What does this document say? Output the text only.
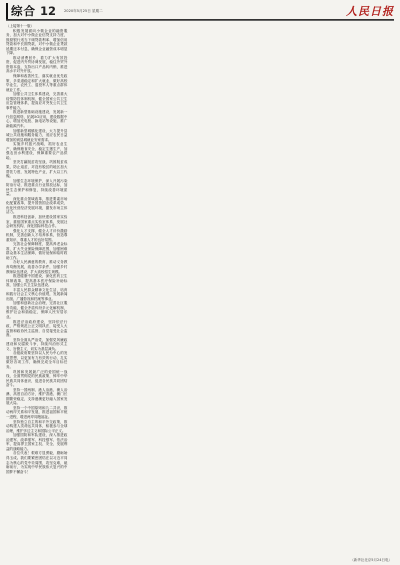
综合 12 2020年5月25日 星期二	人民日报

（上接第十一版）

积极发展面向小微企业的融资服务，加大对中小微企业信贷支持力度，鼓励银行适当下调贷款利率、增加信用贷款和中长期贷款，对中小微企业贷款延期还本付息，确保企业融资成本明显下降。

推动消费回升，着力扩大有效投资，促进内外贸协调发展，稳住外贸外资基本盘，支持出口产品转内销，推进高水平对外开放。

保障和改善民生，落实就业优先政策，多渠道稳定和扩大就业，做好高校毕业生、农民工、退役军人等重点群体就业工作。

加强公共卫生体系建设，完善重大疫情防控体制机制，健全国家公共卫生应急管理体系，提高应对突发公共卫生事件能力。

推进新型基础设施建设，发展新一代信息网络，拓展5G应用，建设数据中心，增加充电桩、换电站等设施，推广新能源汽车。

加强新型城镇化建设，大力提升县城公共设施和服务能力，适应农民日益增加的到县城就业安家需求。

实施乡村振兴战略，抓好农业生产，确保粮食安全，稳定生猪生产，加强农田水利建设，保障重要农产品供给。

坚决打赢脱贫攻坚战，巩固脱贫成果，防止返贫，对没有脱贫的地区加大帮扶力度，发展特色产业，扩大以工代赈。

加强生态环境保护，深入开展污染防治行动，推进重点行业排放达标，加快生态保护和修复，持续改善环境质量。

深化重点领域改革，推进要素市场化配置改革，提升国资国企改革成效，优化民营经济发展环境，激发市场主体活力。

推进科技创新，加快建设国家实验室，重组国家重点实验室体系，发展社会研发机构，深化国际科技合作。

强化人才支撑，健全人才评价激励机制，完善创新人才培养体系，营造尊重知识、尊重人才的良好氛围。

完善社会保障制度，提高养老金标准，扩大失业保险保障范围，加强困难群众基本生活保障，做好低保和临时救助工作。

办好人民满意的教育，推动义务教育均衡发展，改善办学条件，加强乡村教师队伍建设，扩大高校招生规模。

推进健康中国建设，深化医药卫生体制改革，提高基本医疗保险补助标准，加强公共卫生队伍建设。

丰富人民群众精神文化生活，培育和践行社会主义核心价值观，发展新闻出版、广播影视和档案等事业。

加强和创新社会治理，完善社区服务功能，健全矛盾纠纷多元化解机制，维护社会和谐稳定，保障人民安居乐业。

推进法治政府建设，坚持依法行政，严格规范公正文明执法，接受人大监督和政协民主监督，自觉接受社会监督。

坚持全面从严治党，加强党风廉政建设和反腐败斗争，持续纠治形式主义、官僚主义，切实为基层减负。

各级政府要坚持以人民为中心的发展思想，以更加有力有效的行动，扎实做好各项工作，确保完成全年目标任务。

巩固和发展最广泛的爱国统一战线，全面贯彻党的民族政策，铸牢中华民族共同体意识，促进各民族共同团结奋斗。

坚持一国两制、港人治港、澳人治澳、高度自治方针，维护香港、澳门长期繁荣稳定，支持港澳更好融入国家发展大局。

坚持一个中国原则和九二共识，推动两岸关系和平发展，推进祖国和平统一进程，增进两岸同胞福祉。

坚持独立自主的和平外交政策，推动构建人类命运共同体，积极参与全球治理，维护多边主义和国际公平正义。

加强国防和军队建设，深入推进政治建军、改革强军、科技强军、依法治军，提高捍卫国家主权、安全、发展利益的战略能力。

各位代表！艰难方显勇毅，磨砺始得玉成。我们要紧密团结在以习近平同志为核心的党中央周围，攻坚克难，砥砺前行，为实现中华民族伟大复兴的中国梦不懈奋斗！

（新华社北京5月24日电）
